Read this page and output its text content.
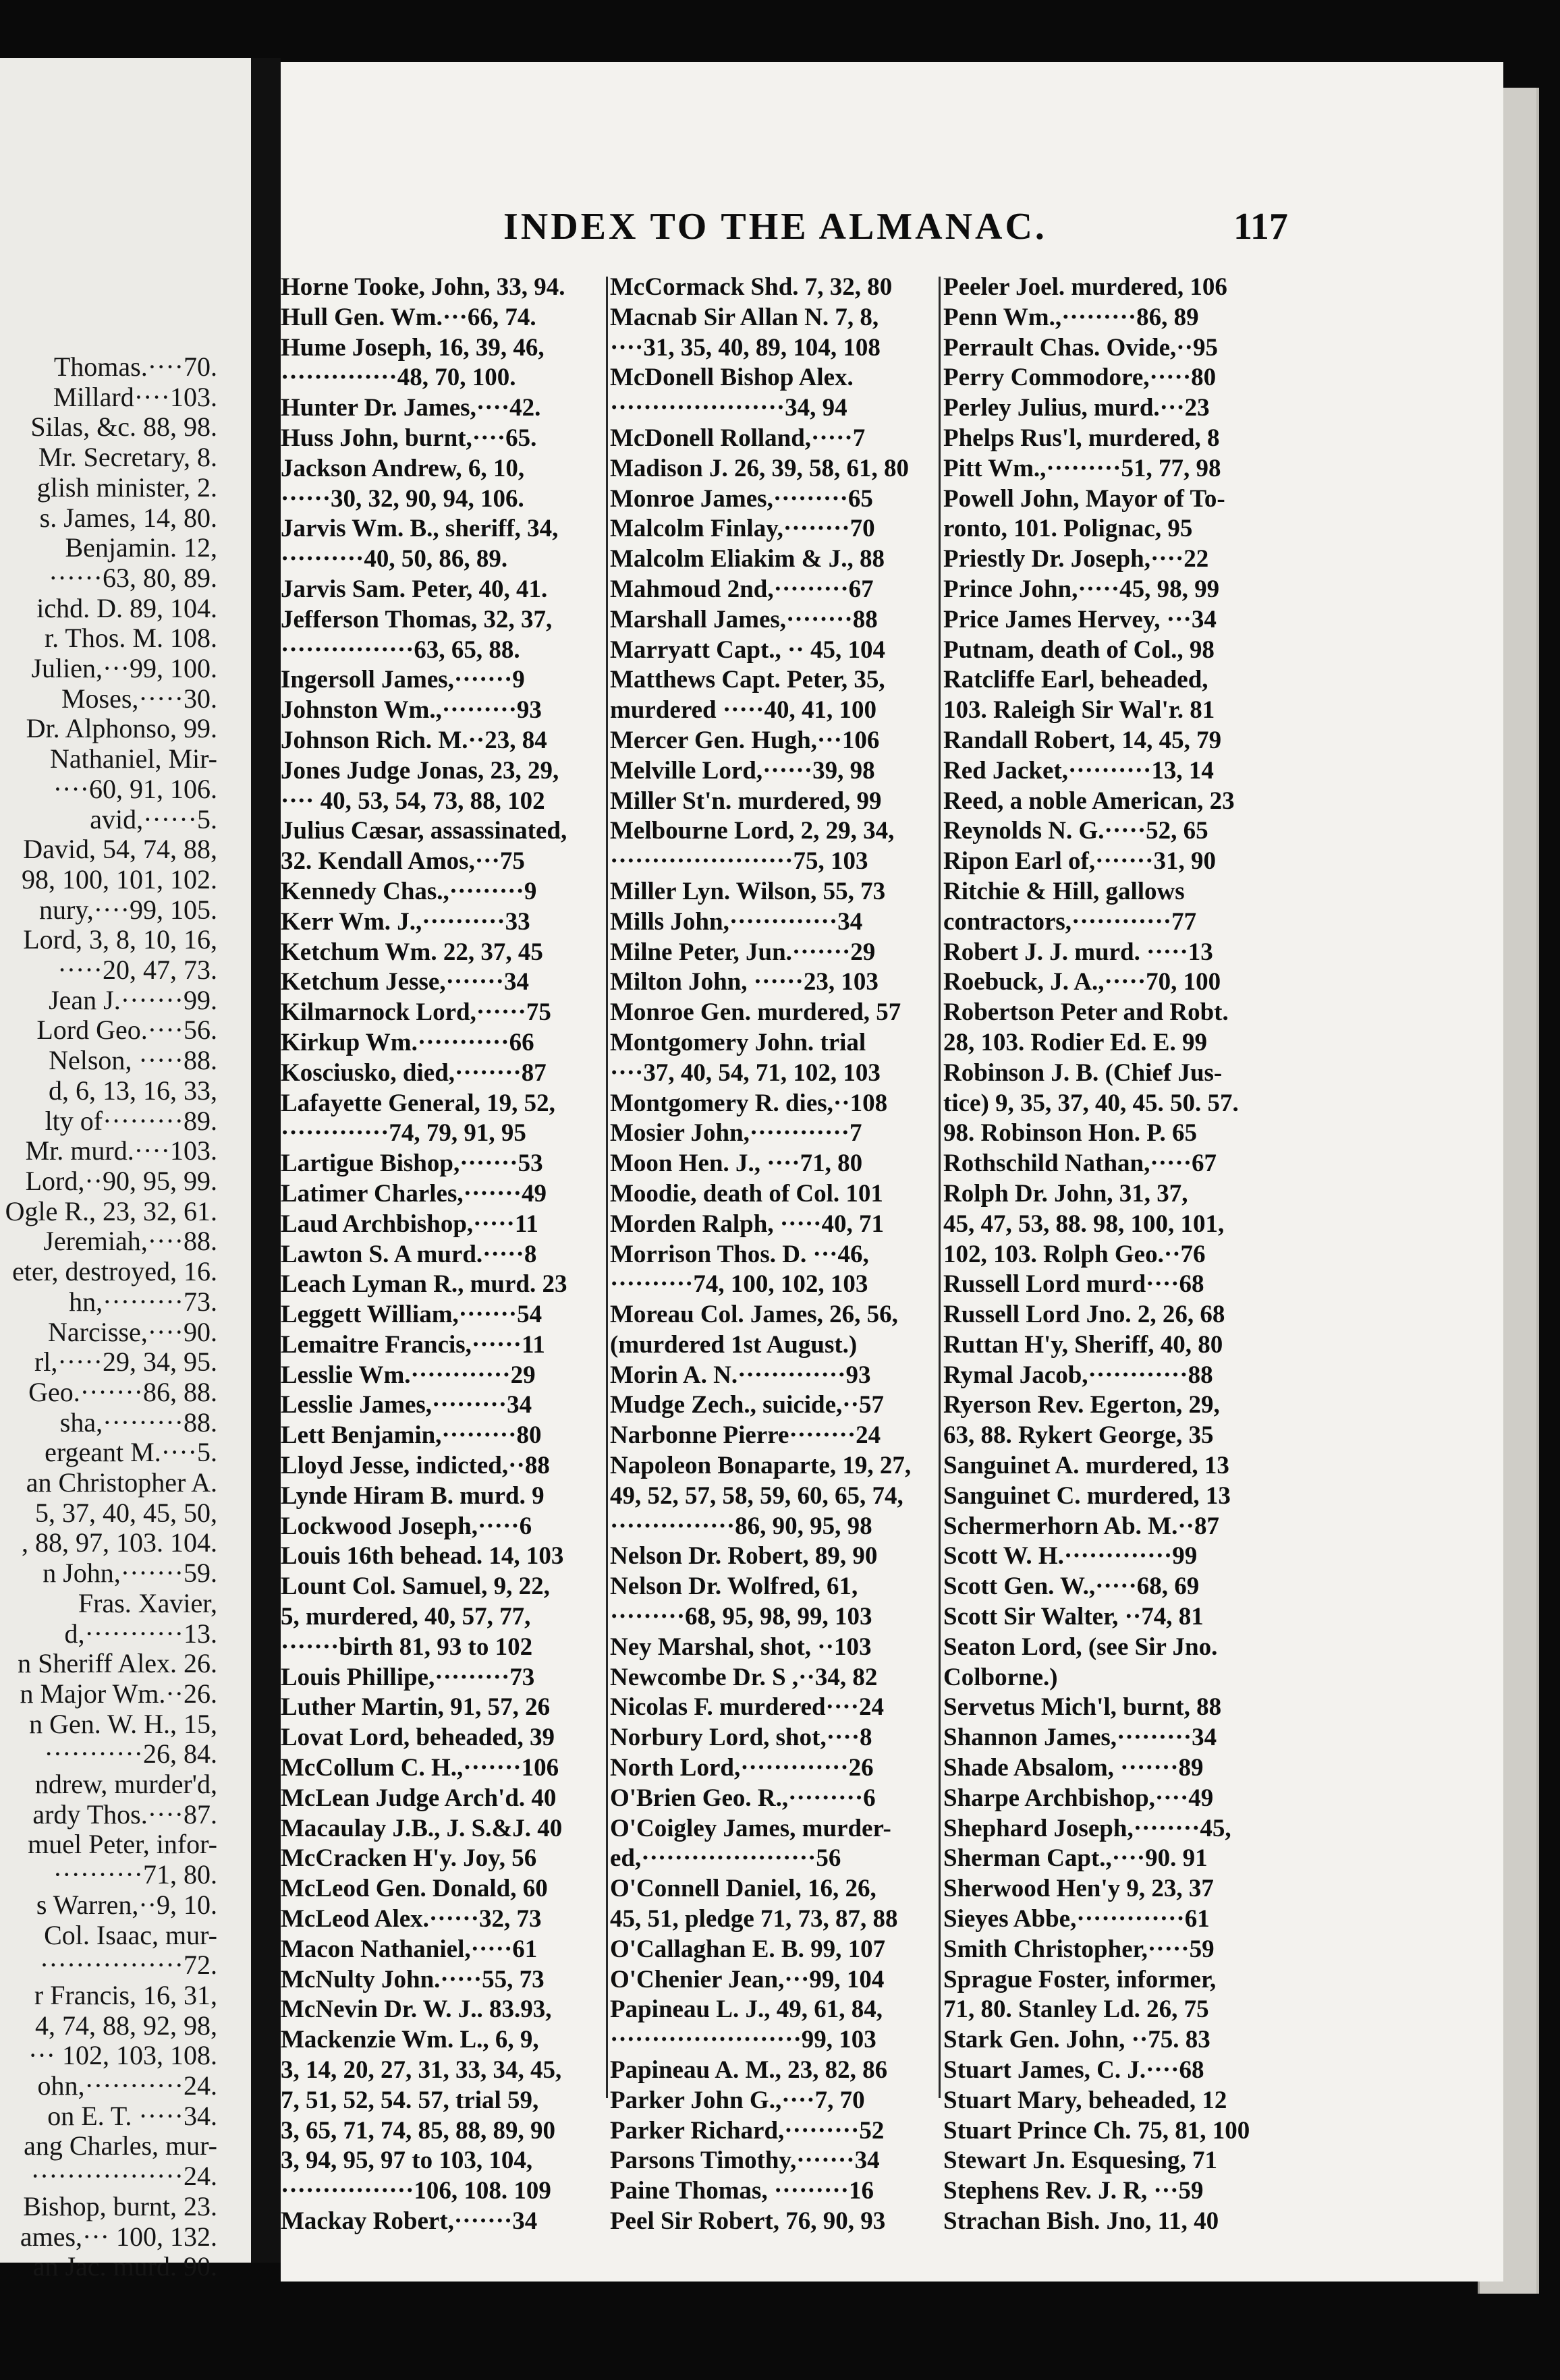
Thomas.····70.
Millard····103.
Silas, &c. 88, 98.
Mr. Secretary, 8.
glish minister, 2.
s. James, 14, 80.
Benjamin. 12,
······63, 80, 89.
ichd. D. 89, 104.
r. Thos. M. 108.
Julien,···99, 100.
Moses,·····30.
Dr. Alphonso, 99.
Nathaniel, Mir-
····60, 91, 106.
avid,······5.
David, 54, 74, 88,
98, 100, 101, 102.
nury,····99, 105.
Lord, 3, 8, 10, 16,
·····20, 47, 73.
Jean J.·······99.
Lord Geo.····56.
Nelson, ·····88.
d, 6, 13, 16, 33,
lty of·········89.
Mr. murd.····103.
Lord,··90, 95, 99.
Ogle R., 23, 32, 61.
Jeremiah,····88.
eter, destroyed, 16.
hn,·········73.
Narcisse,····90.
rl,·····29, 34, 95.
Geo.·······86, 88.
sha,·········88.
ergeant M.····5.
an Christopher A.
5, 37, 40, 45, 50,
, 88, 97, 103. 104.
n John,·······59.
Fras. Xavier,
d,···········13.
n Sheriff Alex. 26.
n Major Wm.··26.
n Gen. W. H., 15,
···········26, 84.
ndrew, murder'd,
ardy Thos.····87.
muel Peter, infor-
··········71, 80.
s Warren,··9, 10.
Col. Isaac, mur-
················72.
r Francis, 16, 31,
4, 74, 88, 92, 98,
··· 102, 103, 108.
ohn,···········24.
on E. T. ·····34.
ang Charles, mur-
·················24.
Bishop, burnt, 23.
ames,··· 100, 132.
an Jac. murd. 90.
INDEX TO THE ALMANAC.	117
Horne Tooke, John, 33, 94.
Hull Gen. Wm.···66, 74.
Hume Joseph, 16, 39, 46,
··············48, 70, 100.
Hunter Dr. James,····42.
Huss John, burnt,····65.
Jackson Andrew, 6, 10,
······30, 32, 90, 94, 106.
Jarvis Wm. B., sheriff, 34,
··········40, 50, 86, 89.
Jarvis Sam. Peter, 40, 41.
Jefferson Thomas, 32, 37,
················63, 65, 88.
Ingersoll James,·······9
Johnston Wm.,·········93
Johnson Rich. M.··23, 84
Jones Judge Jonas, 23, 29,
···· 40, 53, 54, 73, 88, 102
Julius Cæsar, assassinated,
32. Kendall Amos,···75
Kennedy Chas.,·········9
Kerr Wm. J.,··········33
Ketchum Wm. 22, 37, 45
Ketchum Jesse,·······34
Kilmarnock Lord,······75
Kirkup Wm.···········66
Kosciusko, died,········87
Lafayette General, 19, 52,
·············74, 79, 91, 95
Lartigue Bishop,·······53
Latimer Charles,·······49
Laud Archbishop,·····11
Lawton S. A murd.·····8
Leach Lyman R., murd. 23
Leggett William,·······54
Lemaitre Francis,······11
Lesslie Wm.············29
Lesslie James,·········34
Lett Benjamin,·········80
Lloyd Jesse, indicted,··88
Lynde Hiram B. murd. 9
Lockwood Joseph,·····6
Louis 16th behead. 14, 103
Lount Col. Samuel, 9, 22,
5, murdered, 40, 57, 77,
·······birth 81, 93 to 102
Louis Phillipe,·········73
Luther Martin, 91, 57, 26
Lovat Lord, beheaded, 39
McCollum C. H.,·······106
McLean Judge Arch'd. 40
Macaulay J.B., J. S.&J. 40
McCracken H'y. Joy, 56
McLeod Gen. Donald, 60
McLeod Alex.······32, 73
Macon Nathaniel,·····61
McNulty John.·····55, 73
McNevin Dr. W. J.. 83.93,
Mackenzie Wm. L., 6, 9,
3, 14, 20, 27, 31, 33, 34, 45,
7, 51, 52, 54. 57, trial 59,
3, 65, 71, 74, 85, 88, 89, 90
3, 94, 95, 97 to 103, 104,
················106, 108. 109
Mackay Robert,·······34
McCormack Shd. 7, 32, 80
Macnab Sir Allan N. 7, 8,
····31, 35, 40, 89, 104, 108
McDonell Bishop Alex.
·····················34, 94
McDonell Rolland,·····7
Madison J. 26, 39, 58, 61, 80
Monroe James,·········65
Malcolm Finlay,········70
Malcolm Eliakim & J., 88
Mahmoud 2nd,·········67
Marshall James,········88
Marryatt Capt., ·· 45, 104
Matthews Capt. Peter, 35,
murdered ·····40, 41, 100
Mercer Gen. Hugh,···106
Melville Lord,······39, 98
Miller St'n. murdered, 99
Melbourne Lord, 2, 29, 34,
······················75, 103
Miller Lyn. Wilson, 55, 73
Mills John,·············34
Milne Peter, Jun.·······29
Milton John, ······23, 103
Monroe Gen. murdered, 57
Montgomery John. trial
····37, 40, 54, 71, 102, 103
Montgomery R. dies,··108
Mosier John,············7
Moon Hen. J., ····71, 80
Moodie, death of Col. 101
Morden Ralph, ·····40, 71
Morrison Thos. D. ···46,
··········74, 100, 102, 103
Moreau Col. James, 26, 56,
(murdered 1st August.)
Morin A. N.·············93
Mudge Zech., suicide,··57
Narbonne Pierre········24
Napoleon Bonaparte, 19, 27,
49, 52, 57, 58, 59, 60, 65, 74,
···············86, 90, 95, 98
Nelson Dr. Robert, 89, 90
Nelson Dr. Wolfred, 61,
·········68, 95, 98, 99, 103
Ney Marshal, shot, ··103
Newcombe Dr. S ,··34, 82
Nicolas F. murdered····24
Norbury Lord, shot,····8
North Lord,·············26
O'Brien Geo. R.,·········6
O'Coigley James, murder-
ed,·····················56
O'Connell Daniel, 16, 26,
45, 51, pledge 71, 73, 87, 88
O'Callaghan E. B. 99, 107
O'Chenier Jean,···99, 104
Papineau L. J., 49, 61, 84,
·······················99, 103
Papineau A. M., 23, 82, 86
Parker John G.,····7, 70
Parker Richard,·········52
Parsons Timothy,·······34
Paine Thomas, ·········16
Peel Sir Robert, 76, 90, 93
Peeler Joel. murdered, 106
Penn Wm.,·········86, 89
Perrault Chas. Ovide,··95
Perry Commodore,·····80
Perley Julius, murd.···23
Phelps Rus'l, murdered, 8
Pitt Wm.,·········51, 77, 98
Powell John, Mayor of To-
ronto, 101. Polignac, 95
Priestly Dr. Joseph,····22
Prince John,·····45, 98, 99
Price James Hervey, ···34
Putnam, death of Col., 98
Ratcliffe Earl, beheaded,
103. Raleigh Sir Wal'r. 81
Randall Robert, 14, 45, 79
Red Jacket,··········13, 14
Reed, a noble American, 23
Reynolds N. G.·····52, 65
Ripon Earl of,·······31, 90
Ritchie & Hill, gallows
contractors,············77
Robert J. J. murd. ·····13
Roebuck, J. A.,·····70, 100
Robertson Peter and Robt.
28, 103. Rodier Ed. E. 99
Robinson J. B. (Chief Jus-
tice) 9, 35, 37, 40, 45. 50. 57.
98. Robinson Hon. P. 65
Rothschild Nathan,·····67
Rolph Dr. John, 31, 37,
45, 47, 53, 88. 98, 100, 101,
102, 103. Rolph Geo.··76
Russell Lord murd····68
Russell Lord Jno. 2, 26, 68
Ruttan H'y, Sheriff, 40, 80
Rymal Jacob,············88
Ryerson Rev. Egerton, 29,
63, 88. Rykert George, 35
Sanguinet A. murdered, 13
Sanguinet C. murdered, 13
Schermerhorn Ab. M.··87
Scott W. H.·············99
Scott Gen. W.,·····68, 69
Scott Sir Walter, ··74, 81
Seaton Lord, (see Sir Jno.
Colborne.)
Servetus Mich'l, burnt, 88
Shannon James,·········34
Shade Absalom, ·······89
Sharpe Archbishop,····49
Shephard Joseph,········45,
Sherman Capt.,····90. 91
Sherwood Hen'y 9, 23, 37
Sieyes Abbe,·············61
Smith Christopher,·····59
Sprague Foster, informer,
71, 80. Stanley Ld. 26, 75
Stark Gen. John, ··75. 83
Stuart James, C. J.····68
Stuart Mary, beheaded, 12
Stuart Prince Ch. 75, 81, 100
Stewart Jn. Esquesing, 71
Stephens Rev. J. R, ···59
Strachan Bish. Jno, 11, 40
